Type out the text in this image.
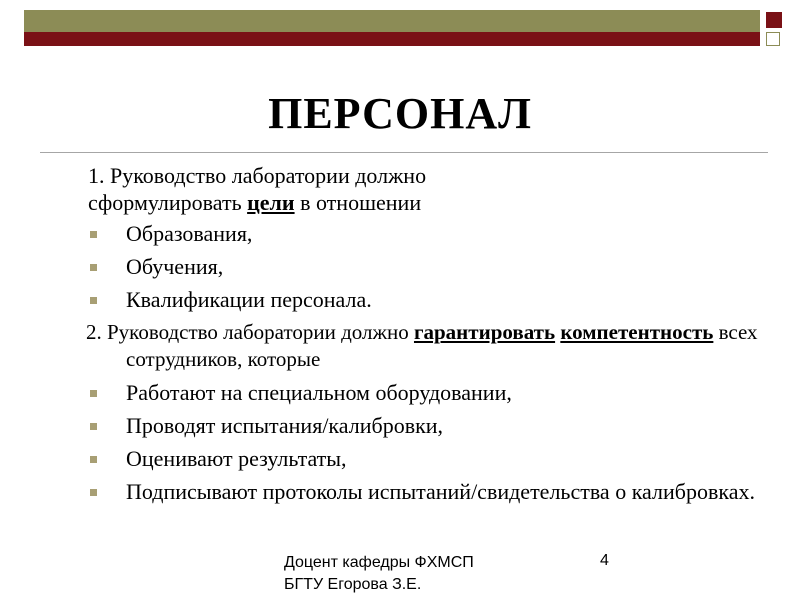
ПЕРСОНАЛ
1. Руководство лаборатории должно
сформулировать цели в отношении
Образования,
Обучения,
Квалификации персонала.
2. Руководство лаборатории должно гарантировать компетентность всех сотрудников, которые
Работают на специальном оборудовании,
Проводят испытания/калибровки,
Оценивают результаты,
Подписывают протоколы испытаний/свидетельства о калибровках.
Доцент кафедры ФХМСП
БГТУ Егорова З.Е.
4
